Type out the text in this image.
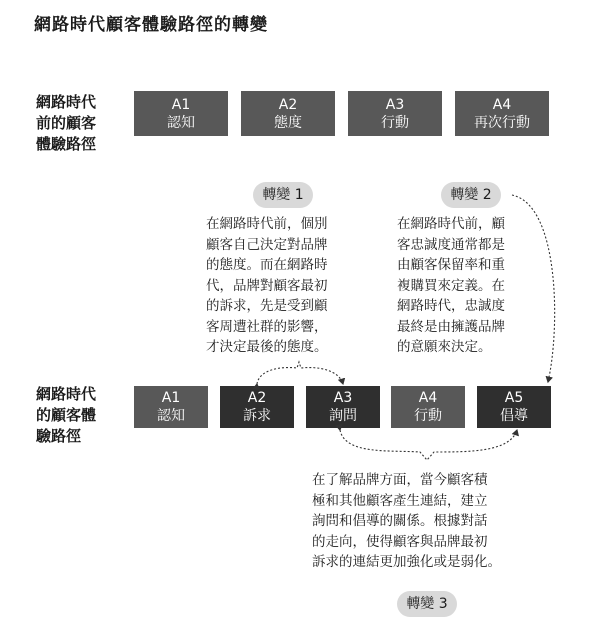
網路時代顧客體驗路徑的轉變
網路時代
前的顧客
體驗路徑
A1
認知
A2
態度
A3
行動
A4
再次行動
轉變 1	轉變 2
轉變 3
在網路時代前，個別
顧客自己決定對品牌
的態度。而在網路時
代，品牌對顧客最初
的訴求，先是受到顧
客周遭社群的影響，
才決定最後的態度。
在網路時代前，顧
客忠誠度通常都是
由顧客保留率和重
複購買來定義。在
網路時代，忠誠度
最終是由擁護品牌
的意願來決定。
在了解品牌方面，當今顧客積
極和其他顧客產生連結，建立
詢問和倡導的關係。根據對話
的走向，使得顧客與品牌最初
訴求的連結更加強化或是弱化。
網路時代
的顧客體
驗路徑
A1
認知
A2
訴求
A3
詢問
A4
行動
A5
倡導
